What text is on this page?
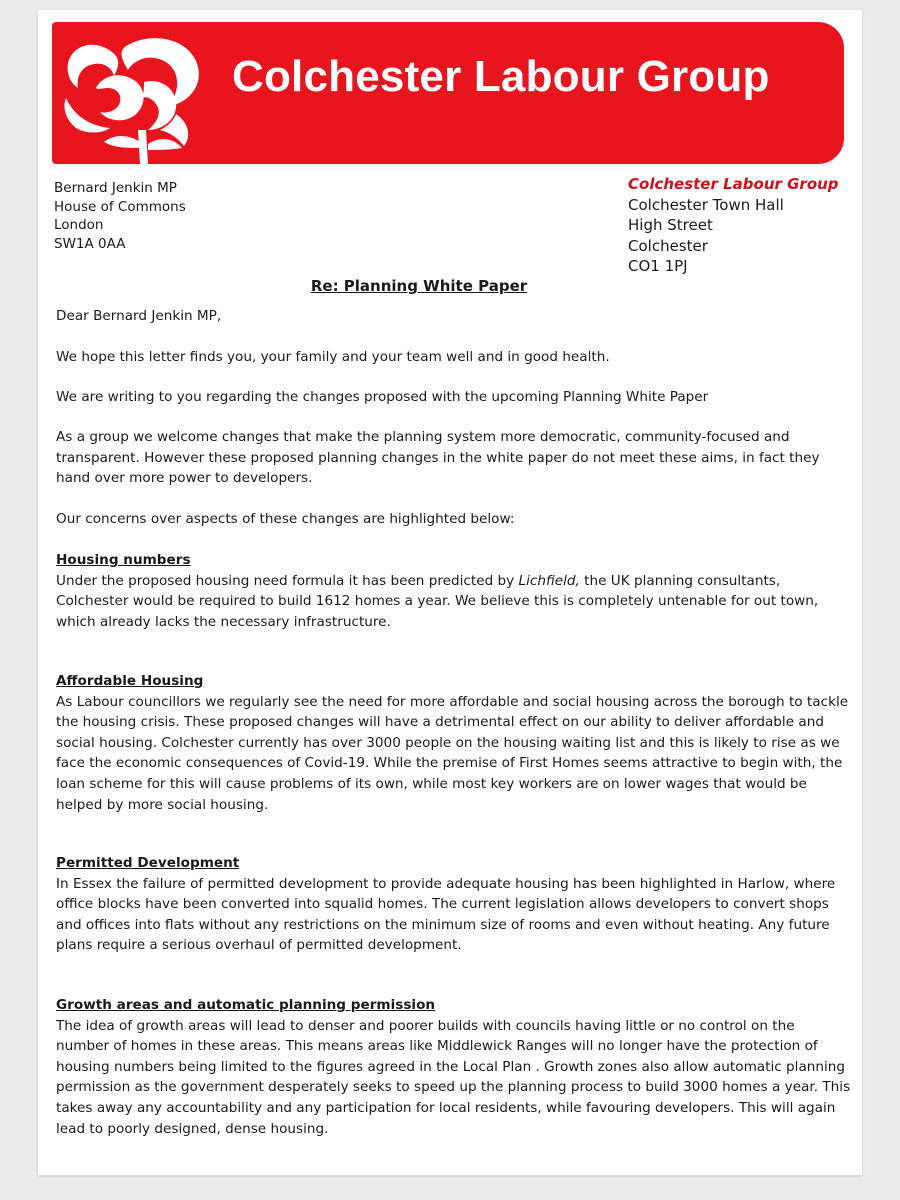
Colchester Labour Group
Bernard Jenkin MP
House of Commons
London
SW1A 0AA
Colchester Labour Group
Colchester Town Hall
High Street
Colchester
CO1 1PJ
Re: Planning White Paper

Dear Bernard Jenkin MP,

We hope this letter finds you, your family and your team well and in good health.

We are writing to you regarding the changes proposed with the upcoming Planning White Paper

As a group we welcome changes that make the planning system more democratic, community-focused and
transparent. However these proposed planning changes in the white paper do not meet these aims, in fact they
hand over more power to developers.

Our concerns over aspects of these changes are highlighted below:

Housing numbers
Under the proposed housing need formula it has been predicted by Lichfield, the UK planning consultants,
Colchester would be required to build 1612 homes a year. We believe this is completely untenable for out town,
which already lacks the necessary infrastructure.
Affordable Housing
As Labour councillors we regularly see the need for more affordable and social housing across the borough to tackle
the housing crisis. These proposed changes will have a detrimental effect on our ability to deliver affordable and
social housing. Colchester currently has over 3000 people on the housing waiting list and this is likely to rise as we
face the economic consequences of Covid-19. While the premise of First Homes seems attractive to begin with, the
loan scheme for this will cause problems of its own, while most key workers are on lower wages that would be
helped by more social housing.
Permitted Development
In Essex the failure of permitted development to provide adequate housing has been highlighted in Harlow, where
office blocks have been converted into squalid homes. The current legislation allows developers to convert shops
and offices into flats without any restrictions on the minimum size of rooms and even without heating. Any future
plans require a serious overhaul of permitted development.
Growth areas and automatic planning permission
The idea of growth areas will lead to denser and poorer builds with councils having little or no control on the
number of homes in these areas. This means areas like Middlewick Ranges will no longer have the protection of
housing numbers being limited to the figures agreed in the Local Plan . Growth zones also allow automatic planning
permission as the government desperately seeks to speed up the planning process to build 3000 homes a year. This
takes away any accountability and any participation for local residents, while favouring developers. This will again
lead to poorly designed, dense housing.
